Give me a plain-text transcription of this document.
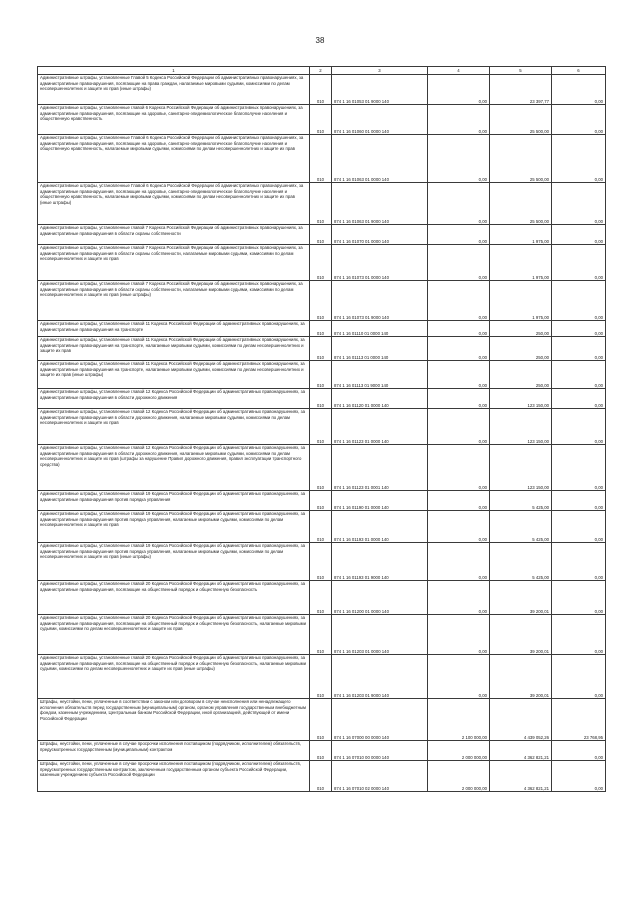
38
1	2	3	4	5	6
Административные штрафы, установленные Главой 5 Кодекса Российской Федерации об административных правонарушениях, за административные правонарушения, посягающие на права граждан, налагаемые мировыми судьями, комиссиями по делам несовершеннолетних и защите их прав (иные штрафы)	010	874 1 16 01053 01 9000 140	0,00	23 397,77	0,00
Административные штрафы, установленные главой 6 Кодекса Российской Федерации об административных правонарушениях, за административные правонарушения, посягающие на здоровье, санитарно-эпидемиологическое благополучие населения и общественную нравственность	010	874 1 16 01060 01 0000 140	0,00	25 500,00	0,00
Административные штрафы, установленные Главой 6 Кодекса Российской Федерации об административных правонарушениях, за административные правонарушения, посягающие на здоровье, санитарно-эпидемиологическое благополучие населения и общественную нравственность, налагаемые мировыми судьями, комиссиями по делам несовершеннолетних и защите их прав	010	874 1 16 01063 01 0000 140	0,00	25 500,00	0,00
Административные штрафы, установленные Главой 6 Кодекса Российской Федерации об административных правонарушениях, за административные правонарушения, посягающие на здоровье, санитарно-эпидемиологическое благополучие населения и общественную нравственность, налагаемые мировыми судьями, комиссиями по делам несовершеннолетних и защите их прав (иные штрафы)	010	874 1 16 01063 01 9000 140	0,00	25 500,00	0,00
Административные штрафы, установленные главой 7 Кодекса Российской Федерации об административных правонарушениях, за административные правонарушения в области охраны собственности	010	874 1 16 01070 01 0000 140	0,00	1 975,00	0,00
Административные штрафы, установленные главой 7 Кодекса Российской Федерации об административных правонарушениях, за административные правонарушения в области охраны собственности, налагаемые мировыми судьями, комиссиями по делам несовершеннолетних и защите их прав	010	874 1 16 01073 01 0000 140	0,00	1 975,00	0,00
Административные штрафы, установленные главой 7 Кодекса Российской Федерации об административных правонарушениях, за административные правонарушения в области охраны собственности, налагаемые мировыми судьями, комиссиями по делам несовершеннолетних и защите их прав (иные штрафы)	010	874 1 16 01073 01 9000 140	0,00	1 975,00	0,00
Административные штрафы, установленные главой 11 Кодекса Российской Федерации об административных правонарушениях, за административные правонарушения на транспорте	010	874 1 16 01110 01 0000 140	0,00	250,00	0,00
Административные штрафы, установленные главой 11 Кодекса Российской Федерации об административных правонарушениях, за административные правонарушения на транспорте, налагаемые мировыми судьями, комиссиями по делам несовершеннолетних и защите их прав	010	874 1 16 01113 01 0000 140	0,00	250,00	0,00
Административные штрафы, установленные главой 11 Кодекса Российской Федерации об административных правонарушениях, за административные правонарушения на транспорте, налагаемые мировыми судьями, комиссиями по делам несовершеннолетних и защите их прав (иные штрафы)	010	874 1 16 01113 01 9000 140	0,00	250,00	0,00
Административные штрафы, установленные главой 12 Кодекса Российской Федерации об административных правонарушениях, за административные правонарушения в области дорожного движения	010	874 1 16 01120 01 0000 140	0,00	123 150,00	0,00
Административные штрафы, установленные главой 12 Кодекса Российской Федерации об административных правонарушениях, за административные правонарушения в области дорожного движения, налагаемые мировыми судьями, комиссиями по делам несовершеннолетних и защите их прав	010	874 1 16 01123 01 0000 140	0,00	123 150,00	0,00
Административные штрафы, установленные главой 12 Кодекса Российской Федерации об административных правонарушениях, за административные правонарушения в области дорожного движения, налагаемые мировыми судьями, комиссиями по делам несовершеннолетних и защите их прав (штрафы за нарушение Правил дорожного движения, правил эксплуатации транспортного средства)	010	874 1 16 01123 01 0001 140	0,00	123 150,00	0,00
Административные штрафы, установленные главой 19 Кодекса Российской Федерации об административных правонарушениях, за административные правонарушения против порядка управления	010	874 1 16 01190 01 0000 140	0,00	5 425,00	0,00
Административные штрафы, установленные главой 19 Кодекса Российской Федерации об административных правонарушениях, за административные правонарушения против порядка управления, налагаемые мировыми судьями, комиссиями по делам несовершеннолетних и защите их прав	010	874 1 16 01193 01 0000 140	0,00	5 425,00	0,00
Административные штрафы, установленные главой 19 Кодекса Российской Федерации об административных правонарушениях, за административные правонарушения против порядка управления, налагаемые мировыми судьями, комиссиями по делам несовершеннолетних и защите их прав (иные штрафы)	010	874 1 16 01193 01 9000 140	0,00	5 425,00	0,00
Административные штрафы, установленные главой 20 Кодекса Российской Федерации об административных правонарушениях, за административные правонарушения, посягающие на общественный порядок и общественную безопасность	010	874 1 16 01200 01 0000 140	0,00	39 200,01	0,00
Административные штрафы, установленные главой 20 Кодекса Российской Федерации об административных правонарушениях, за административные правонарушения, посягающие на общественный порядок и общественную безопасность, налагаемые мировыми судьями, комиссиями по делам несовершеннолетних и защите их прав	010	874 1 16 01203 01 0000 140	0,00	39 200,01	0,00
Административные штрафы, установленные главой 20 Кодекса Российской Федерации об административных правонарушениях, за административные правонарушения, посягающие на общественный порядок и общественную безопасность, налагаемые мировыми судьями, комиссиями по делам несовершеннолетних и защите их прав (иные штрафы)	010	874 1 16 01203 01 9000 140	0,00	39 200,01	0,00
Штрафы, неустойки, пени, уплаченные в соответствии с законом или договором в случае неисполнения или ненадлежащего исполнения обязательств перед государственным (муниципальным) органом, органом управления государственным внебюджетным фондом, казенным учреждением, Центральным банком Российской Федерации, иной организацией, действующей от имени Российской Федерации	010	874 1 16 07000 00 0000 140	2 100 000,00	4 439 052,26	23 768,95
Штрафы, неустойки, пени, уплаченные в случае просрочки исполнения поставщиком (подрядчиком, исполнителем) обязательств, предусмотренных государственным (муниципальным) контрактом	010	874 1 16 07010 00 0000 140	2 000 000,00	4 362 821,21	0,00
Штрафы, неустойки, пени, уплаченные в случае просрочки исполнения поставщиком (подрядчиком, исполнителем) обязательств, предусмотренных государственным контрактом, заключенным государственным органом субъекта Российской Федерации, казенным учреждением субъекта Российской Федерации	010	874 1 16 07010 02 0000 140	2 000 000,00	4 362 821,21	0,00
